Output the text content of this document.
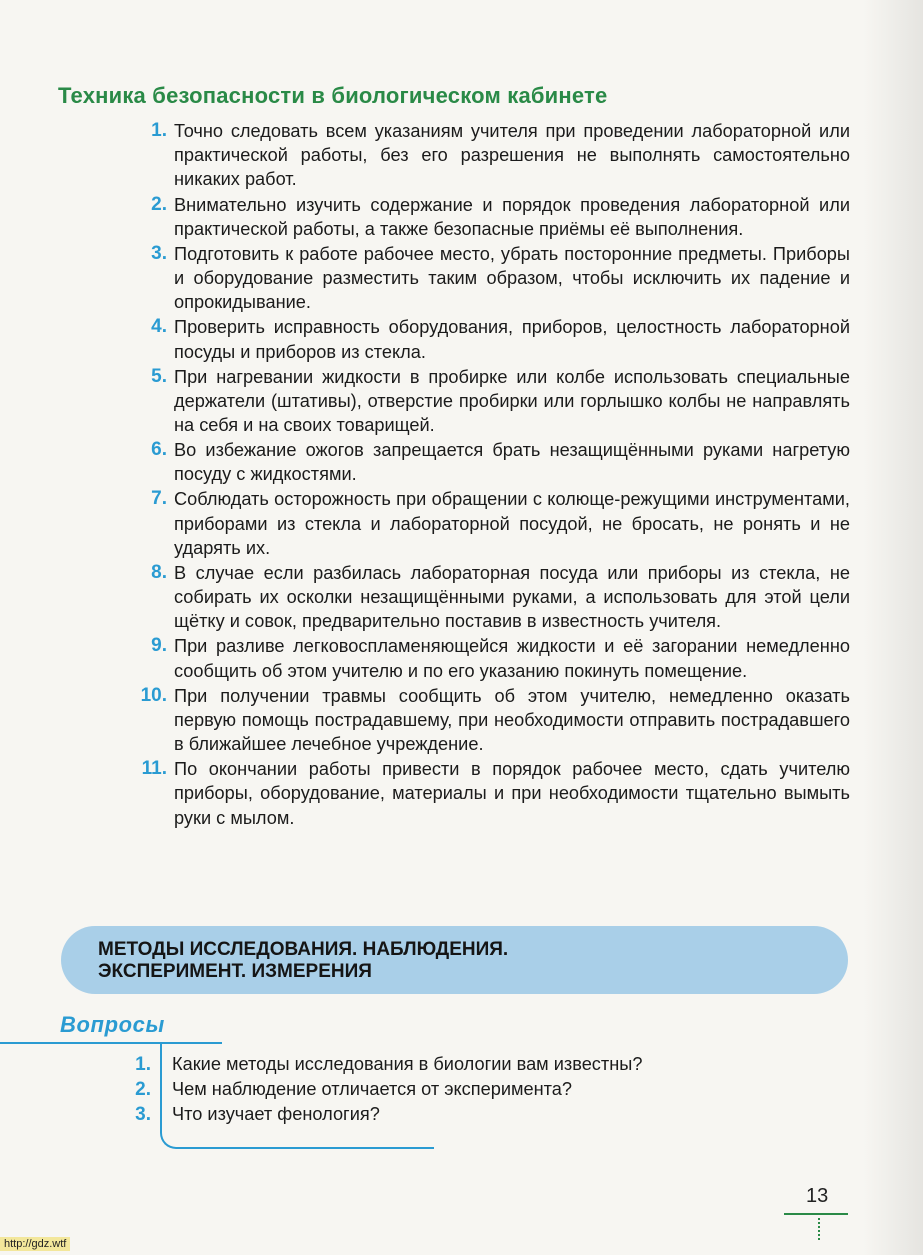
Техника безопасности в биологическом кабинете
1. Точно следовать всем указаниям учителя при проведении лабораторной или практической работы, без его разрешения не выполнять самостоятельно никаких работ.
2. Внимательно изучить содержание и порядок проведения лабораторной или практической работы, а также безопасные приёмы её выполнения.
3. Подготовить к работе рабочее место, убрать посторонние предметы. Приборы и оборудование разместить таким образом, чтобы исключить их падение и опрокидывание.
4. Проверить исправность оборудования, приборов, целостность лабораторной посуды и приборов из стекла.
5. При нагревании жидкости в пробирке или колбе использовать специальные держатели (штативы), отверстие пробирки или горлышко колбы не направлять на себя и на своих товарищей.
6. Во избежание ожогов запрещается брать незащищёнными руками нагретую посуду с жидкостями.
7. Соблюдать осторожность при обращении с колюще-режущими инструментами, приборами из стекла и лабораторной посудой, не бросать, не ронять и не ударять их.
8. В случае если разбилась лабораторная посуда или приборы из стекла, не собирать их осколки незащищёнными руками, а использовать для этой цели щётку и совок, предварительно поставив в известность учителя.
9. При разливе легковоспламеняющейся жидкости и её загорании немедленно сообщить об этом учителю и по его указанию покинуть помещение.
10. При получении травмы сообщить об этом учителю, немедленно оказать первую помощь пострадавшему, при необходимости отправить пострадавшего в ближайшее лечебное учреждение.
11. По окончании работы привести в порядок рабочее место, сдать учителю приборы, оборудование, материалы и при необходимости тщательно вымыть руки с мылом.

МЕТОДЫ ИССЛЕДОВАНИЯ. НАБЛЮДЕНИЯ.
ЭКСПЕРИМЕНТ. ИЗМЕРЕНИЯ

Вопросы
1.	Какие методы исследования в биологии вам известны?
2.	Чем наблюдение отличается от эксперимента?
3.	Что изучает фенология?
13
http://gdz.wtf
